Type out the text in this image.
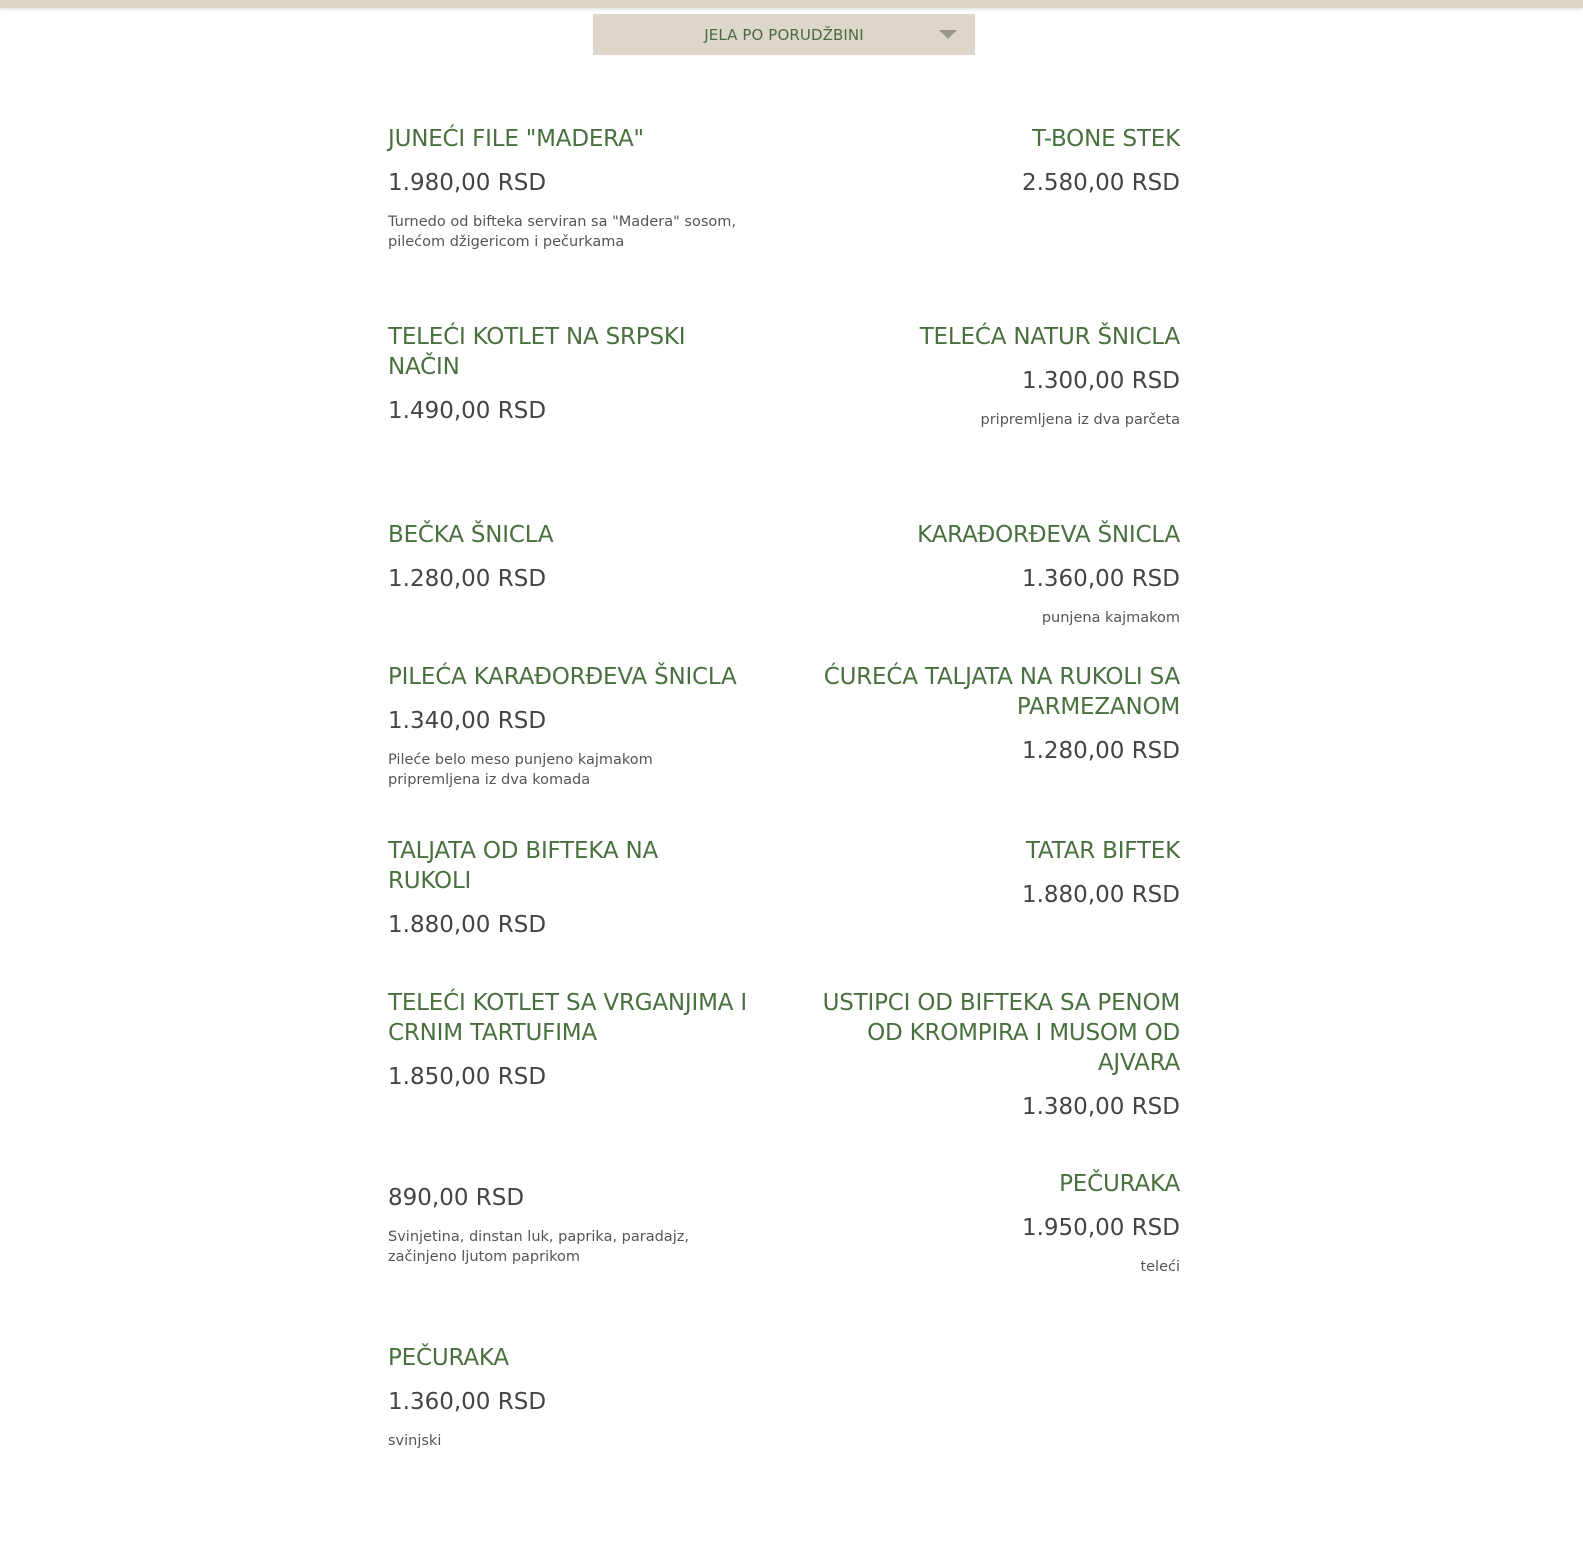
JELA PO PORUDŽBINI
JUNEĆI FILE "MADERA"
1.980,00 RSD
Turnedo od bifteka serviran sa "Madera" sosom, pilećom džigericom i pečurkama
T-BONE STEK
2.580,00 RSD
TELEĆI KOTLET NA SRPSKI NAČIN
1.490,00 RSD
TELEĆA NATUR ŠNICLA
1.300,00 RSD
pripremljena iz dva parčeta
BEČKA ŠNICLA
1.280,00 RSD
KARAĐORĐEVA ŠNICLA
1.360,00 RSD
punjena kajmakom
PILEĆA KARAĐORĐEVA ŠNICLA
1.340,00 RSD
Pileće belo meso punjeno kajmakom pripremljena iz dva komada
ĆUREĆA TALJATA NA RUKOLI SA PARMEZANOM
1.280,00 RSD
TALJATA OD BIFTEKA NA RUKOLI
1.880,00 RSD
TATAR BIFTEK
1.880,00 RSD
TELEĆI KOTLET SA VRGANJIMA I CRNIM TARTUFIMA
1.850,00 RSD
USTIPCI OD BIFTEKA SA PENOM OD KROMPIRA I MUSOM OD AJVARA
1.380,00 RSD
890,00 RSD
Svinjetina, dinstan luk, paprika, paradajz, začinjeno ljutom paprikom
PEČURAKA
1.950,00 RSD
teleći
PEČURAKA
1.360,00 RSD
svinjski
